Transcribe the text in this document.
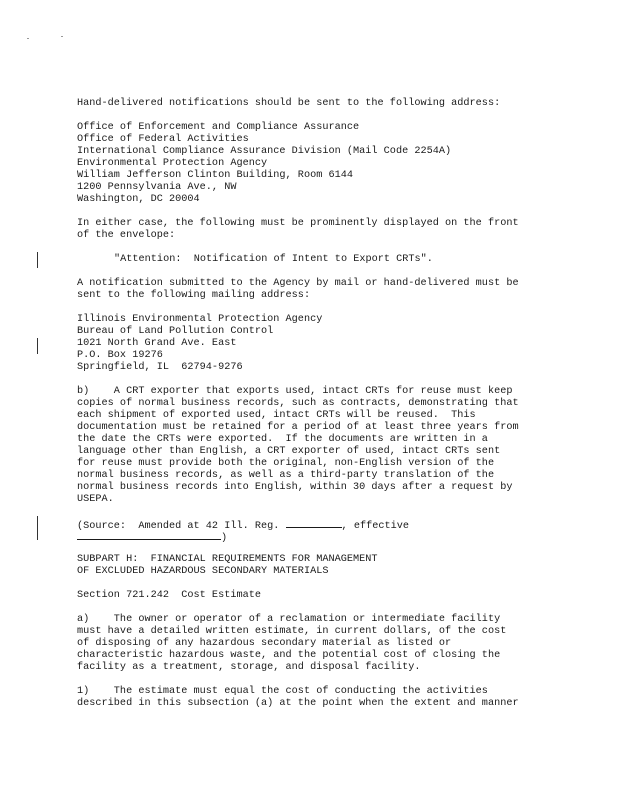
Hand-delivered notifications should be sent to the following address:
Office of Enforcement and Compliance Assurance
Office of Federal Activities
International Compliance Assurance Division (Mail Code 2254A)
Environmental Protection Agency
William Jefferson Clinton Building, Room 6144
1200 Pennsylvania Ave., NW
Washington, DC 20004
In either case, the following must be prominently displayed on the front
of the envelope:
"Attention:  Notification of Intent to Export CRTs".
A notification submitted to the Agency by mail or hand-delivered must be
sent to the following mailing address:
Illinois Environmental Protection Agency
Bureau of Land Pollution Control
1021 North Grand Ave. East
P.O. Box 19276
Springfield, IL  62794-9276
b)    A CRT exporter that exports used, intact CRTs for reuse must keep
copies of normal business records, such as contracts, demonstrating that
each shipment of exported used, intact CRTs will be reused.  This
documentation must be retained for a period of at least three years from
the date the CRTs were exported.  If the documents are written in a
language other than English, a CRT exporter of used, intact CRTs sent
for reuse must provide both the original, non-English version of the
normal business records, as well as a third-party translation of the
normal business records into English, within 30 days after a request by
USEPA.
(Source:  Amended at 42 Ill. Reg.	, effective
)
SUBPART H:  FINANCIAL REQUIREMENTS FOR MANAGEMENT
OF EXCLUDED HAZARDOUS SECONDARY MATERIALS
Section 721.242  Cost Estimate
a)    The owner or operator of a reclamation or intermediate facility
must have a detailed written estimate, in current dollars, of the cost
of disposing of any hazardous secondary material as listed or
characteristic hazardous waste, and the potential cost of closing the
facility as a treatment, storage, and disposal facility.
1)    The estimate must equal the cost of conducting the activities
described in this subsection (a) at the point when the extent and manner
